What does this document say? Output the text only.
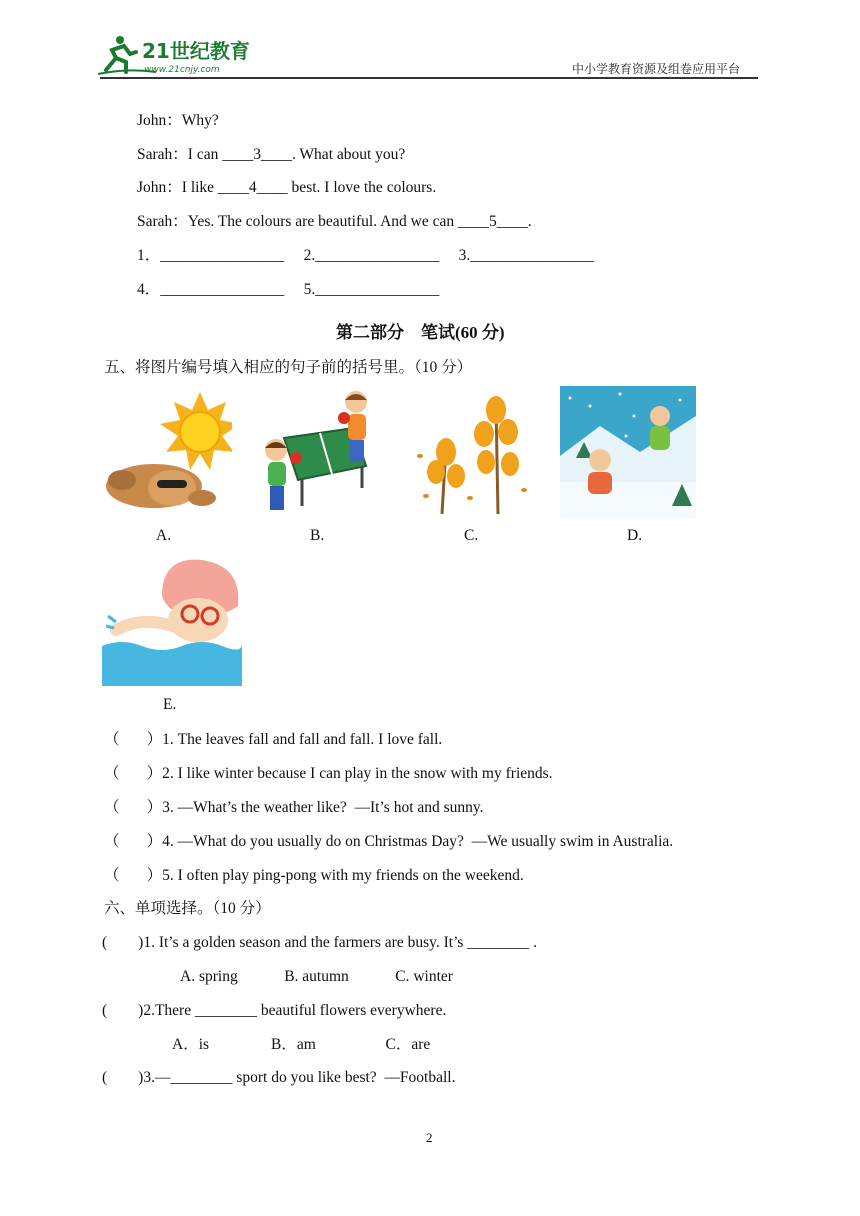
21世纪教育
www.21cnjy.com	中小学教育资源及组卷应用平台
John：Why?
Sarah：I can ____3____. What about you?
John：I like ____4____ best. I love the colours.
Sarah：Yes. The colours are beautiful. And we can ____5____.
1．________________     2.________________     3.________________
4．________________     5.________________
第二部分    笔试(60 分)
五、将图片编号填入相应的句子前的括号里。（10 分）
A.	B.	C.	D.
E.
（       ）1. The leaves fall and fall and fall. I love fall.
（       ）2. I like winter because I can play in the snow with my friends.
（       ）3. —What’s the weather like?  —It’s hot and sunny.
（       ）4. —What do you usually do on Christmas Day?  —We usually swim in Australia.
（       ）5. I often play ping-pong with my friends on the weekend.
六、单项选择。（10 分）
(        )1. It’s a golden season and the farmers are busy. It’s ________ .
A. spring            B. autumn            C. winter
(        )2.There ________ beautiful flowers everywhere.
A．is                B．am                  C．are
(        )3.—________ sport do you like best?  —Football.
2
